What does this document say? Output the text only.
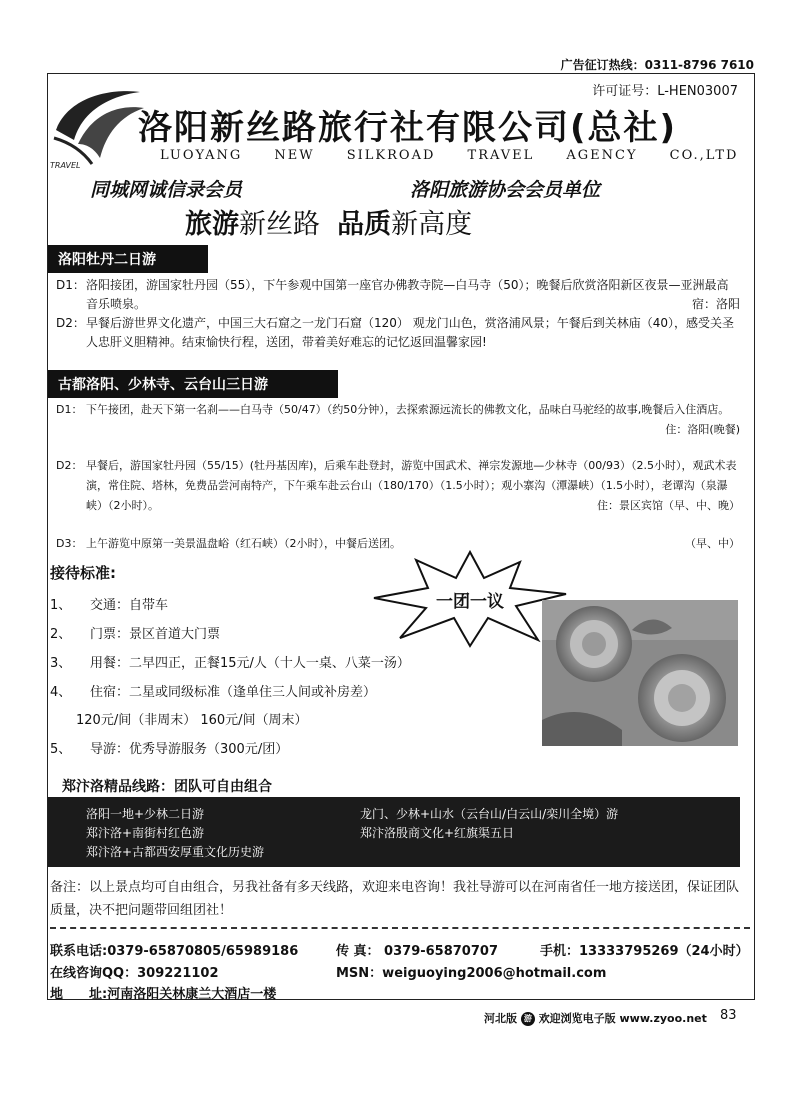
广告征订热线：0311-8796 7610
许可证号：L-HEN03007
TRAVEL
洛阳新丝路旅行社有限公司(总社)
LUOYANG NEW SILKROAD TRAVEL AGENCY CO.,LTD
同城网诚信录会员	洛阳旅游协会会员单位
旅游新丝路 品质新高度
洛阳牡丹二日游
D1： 洛阳接团，游国家牡丹园（55），下午参观中国第一座官办佛教寺院—白马寺（50）；晚餐后欣赏洛阳新区夜景—亚洲最高音乐喷泉。	宿：洛阳
D2： 早餐后游世界文化遗产，中国三大石窟之一龙门石窟（120） 观龙门山色，赏洛浦风景；午餐后到关林庙（40），感受关圣人忠肝义胆精神。结束愉快行程，送团，带着美好难忘的记忆返回温馨家园!
古都洛阳、少林寺、云台山三日游
D1： 下午接团，赴天下第一名刹——白马寺（50/47）（约50分钟），去探索源远流长的佛教文化，品味白马驼经的故事,晚餐后入住酒店。
住：洛阳(晚餐)
D2： 早餐后，游国家牡丹园（55/15）(牡丹基因库)，后乘车赴登封，游览中国武术、禅宗发源地—少林寺（00/93）（2.5小时），观武术表演，常住院、塔林，免费品尝河南特产，下午乘车赴云台山（180/170）（1.5小时）；观小寨沟（潭瀑峡）（1.5小时），老谭沟（泉瀑峡）（2小时）。	住：景区宾馆（早、中、晚）
D3： 上午游览中原第一美景温盘峪（红石峡）（2小时），中餐后送团。	（早、中）
接待标准:
1、 交通：自带车
2、 门票：景区首道大门票
3、 用餐：二早四正，正餐15元/人（十人一桌、八菜一汤）
4、 住宿：二星或同级标准（逢单住三人间或补房差）
120元/间（非周末） 160元/间（周末）
5、 导游：优秀导游服务（300元/团）
一团一议
郑汴洛精品线路：团队可自由组合
洛阳一地+少林二日游
郑汴洛+南街村红色游
郑汴洛+古都西安厚重文化历史游
龙门、少林+山水（云台山/白云山/栾川全境）游
郑汴洛殷商文化+红旗渠五日
备注：以上景点均可自由组合，另我社备有多天线路，欢迎来电咨询！我社导游可以在河南省任一地方接送团，保证团队质量，决不把问题带回组团社！
联系电话:0379-65870805/65989186	传 真： 0379-65870707	手机：13333795269（24小时）
在线咨询QQ：309221102	MSN：weiguoying2006@hotmail.com
地　　址:河南洛阳关林康兰大酒店一楼
河北版 游 欢迎浏览电子版 www.zyoo.net 83
